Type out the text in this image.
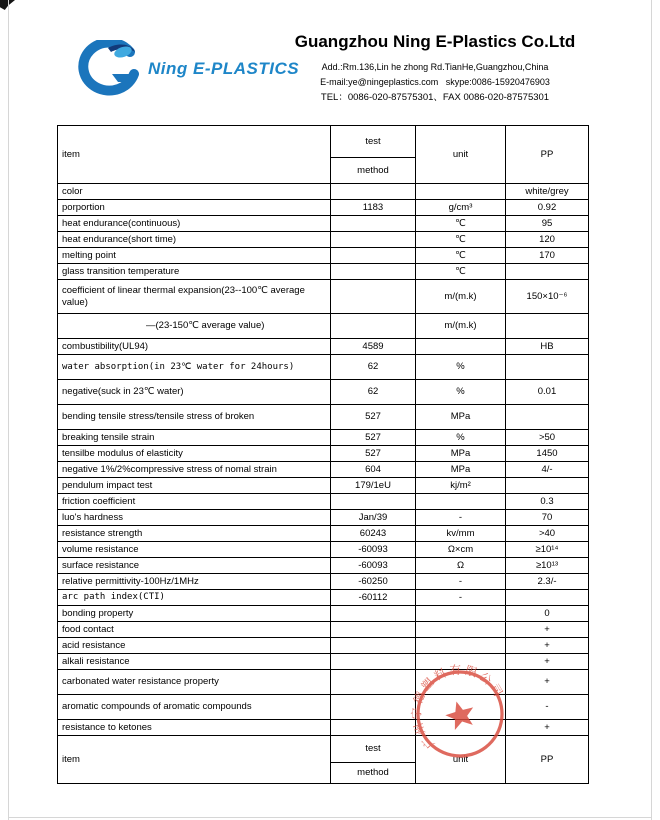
Ning E-PLASTICS
Guangzhou Ning E-Plastics Co.Ltd
Add.:Rm.136,Lin he zhong Rd.TianHe,Guangzhou,China
E-mail:ye@ningeplastics.com   skype:0086-15920476903
TEL：0086-020-87575301、FAX 0086-020-87575301
item	test	unit	PP
	method		
color			white/grey
porportion	1183	g/cm³	0.92
heat endurance(continuous)		℃	95
heat endurance(short time)		℃	120
melting point		℃	170
glass transition temperature		℃	
coefficient of linear thermal expansion(23--100℃ average value)		m/(m.k)	150×10⁻⁶
—(23-150℃ average value)		m/(m.k)	
combustibility(UL94)	4589		HB
water absorption(in 23℃ water for 24hours)	62	%	
negative(suck in 23℃ water)	62	%	0.01
bending tensile stress/tensile stress of broken	527	MPa	
breaking tensile strain	527	%	>50
tensilbe modulus of elasticity	527	MPa	1450
negative 1%/2%compressive stress of nomal strain	604	MPa	4/-
pendulum impact test	179/1eU	kj/m²	
friction coefficient			0.3
luo's hardness	Jan/39	-	70
resistance strength	60243	kv/mm	>40
volume resistance	-60093	Ω×cm	≥10¹⁴
surface resistance	-60093	Ω	≥10¹³
relative permittivity-100Hz/1MHz	-60250	-	2.3/-
arc path index(CTI)	-60112	-	
bonding property			0
food contact			+
acid resistance			+
alkali resistance			+
carbonated water resistance property			+
aromatic compounds of aromatic compounds			-
resistance to ketones			+
item	test	unit	PP
	method		
广州宁德塑料有限公司
